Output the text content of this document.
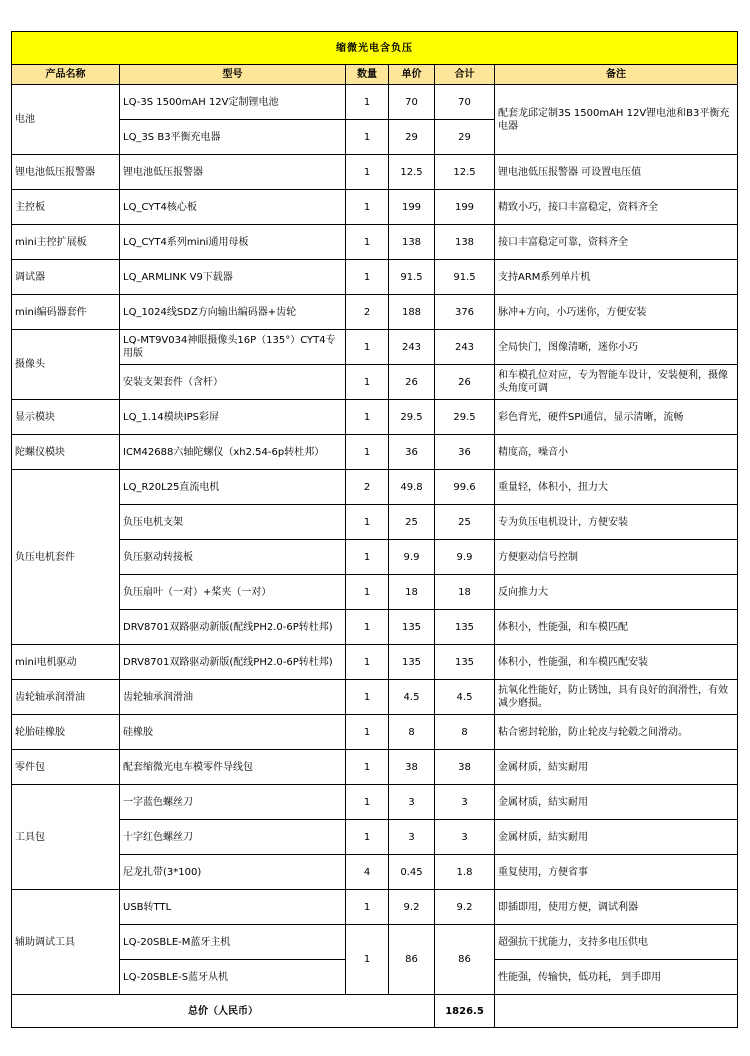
缩微光电含负压					
产品名称	型号	数量	单价	合计	备注
电池	LQ-3S 1500mAH 12V定制锂电池	1	70	70	配套龙邱定制3S 1500mAH 12V锂电池和B3平衡充电器
	LQ_3S B3平衡充电器	1	29	29	
锂电池低压报警器	锂电池低压报警器	1	12.5	12.5	锂电池低压报警器 可设置电压值
主控板	LQ_CYT4核心板	1	199	199	精致小巧，接口丰富稳定，资料齐全
mini主控扩展板	LQ_CYT4系列mini通用母板	1	138	138	接口丰富稳定可靠，资料齐全
调试器	LQ_ARMLINK V9下载器	1	91.5	91.5	支持ARM系列单片机
mini编码器套件	LQ_1024线SDZ方向输出编码器+齿轮	2	188	376	脉冲+方向，小巧迷你，方便安装
摄像头	LQ-MT9V034神眼摄像头16P（135°）CYT4专用版	1	243	243	全局快门，图像清晰，迷你小巧
	安装支架套件（含杆）	1	26	26	和车模孔位对应，专为智能车设计，安装便利，摄像头角度可调
显示模块	LQ_1.14模块IPS彩屏	1	29.5	29.5	彩色背光，硬件SPI通信，显示清晰，流畅
陀螺仪模块	ICM42688六轴陀螺仪（xh2.54-6p转杜邦）	1	36	36	精度高，噪音小
负压电机套件	LQ_R20L25直流电机	2	49.8	99.6	重量轻，体积小，扭力大
	负压电机支架	1	25	25	专为负压电机设计，方便安装
	负压驱动转接板	1	9.9	9.9	方便驱动信号控制
	负压扇叶（一对）+桨夹（一对）	1	18	18	反向推力大
	DRV8701双路驱动新版(配线PH2.0-6P转杜邦)	1	135	135	体积小，性能强，和车模匹配
mini电机驱动	DRV8701双路驱动新版(配线PH2.0-6P转杜邦)	1	135	135	体积小，性能强，和车模匹配安装
齿轮轴承润滑油	齿轮轴承润滑油	1	4.5	4.5	抗氧化性能好，防止锈蚀，具有良好的润滑性，有效减少磨损。
轮胎硅橡胶	硅橡胶	1	8	8	粘合密封轮胎，防止轮皮与轮毂之间滑动。
零件包	配套缩微光电车模零件导线包	1	38	38	金属材质，結实耐用
工具包	一字蓝色螺丝刀	1	3	3	金属材质，結实耐用
	十字红色螺丝刀	1	3	3	金属材质，結实耐用
	尼龙扎带(3*100)	4	0.45	1.8	重复使用，方便省事
辅助调试工具	USB转TTL	1	9.2	9.2	即插即用，使用方便，调试利器
	LQ-20SBLE-M蓝牙主机	1	86	86	超强抗干扰能力，支持多电压供电
	LQ-20SBLE-S蓝牙从机				性能强，传输快，低功耗， 到手即用
总价（人民币）				1826.5	
